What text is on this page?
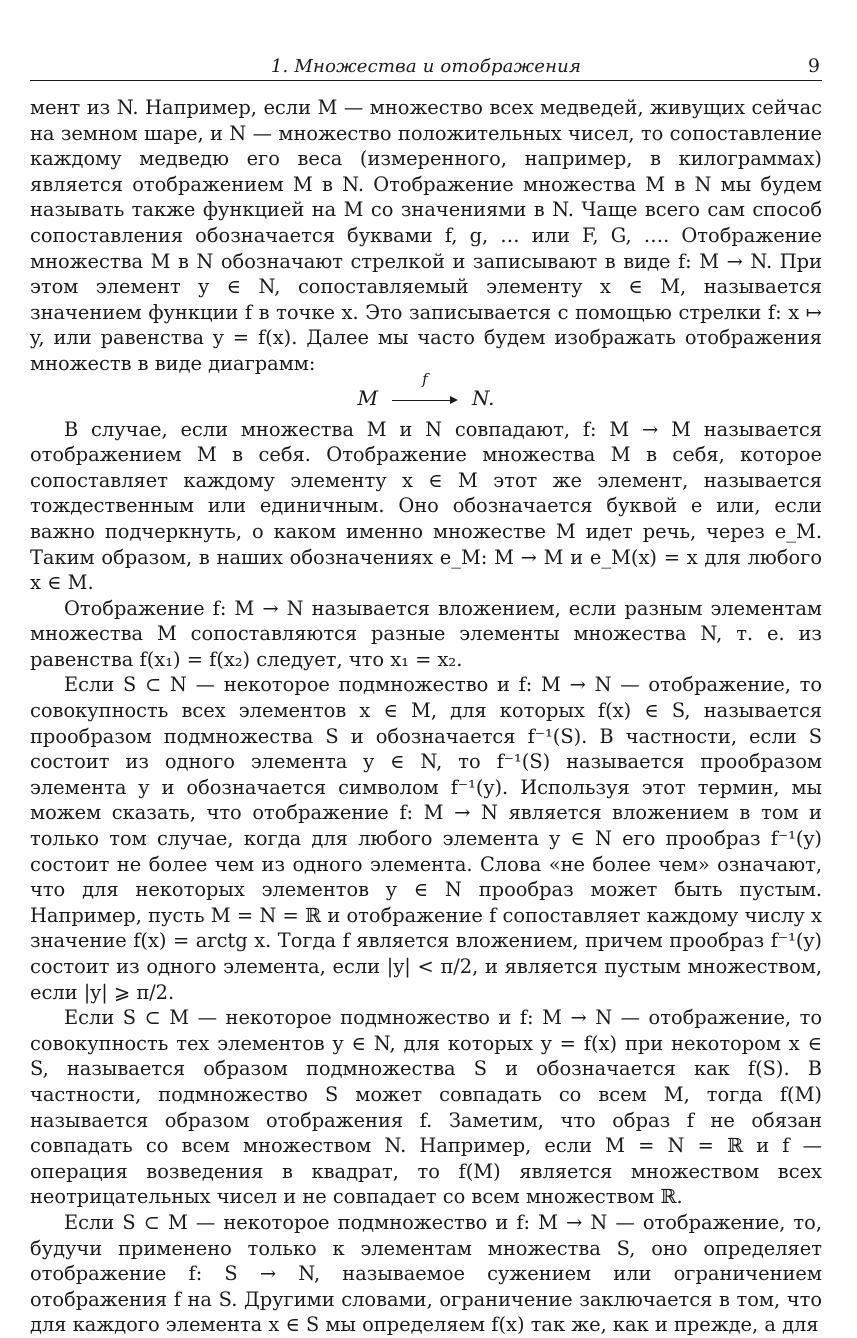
1. Множества и отображения	9

мент из N. Например, если M — множество всех медведей, живущих сейчас на земном шаре, и N — множество положительных чисел, то сопоставление каждому медведю его веса (измеренного, например, в килограммах) является отображением M в N. Отображение множества M в N мы будем называть также функцией на M со значениями в N. Чаще всего сам способ сопоставления обозначается буквами f, g, … или F, G, …. Отображение множества M в N обозначают стрелкой и записывают в виде f: M → N. При этом элемент y ∈ N, сопоставляемый элементу x ∈ M, называется значением функции f в точке x. Это записывается с помощью стрелки f: x ↦ y, или равенства y = f(x). Далее мы часто будем изображать отображения множеств в виде диаграмм:

M
f
N.

В случае, если множества M и N совпадают, f: M → M называется отображением M в себя. Отображение множества M в себя, которое сопоставляет каждому элементу x ∈ M этот же элемент, называется тождественным или единичным. Оно обозначается буквой e или, если важно подчеркнуть, о каком именно множестве M идет речь, через e_M. Таким образом, в наших обозначениях e_M: M → M и e_M(x) = x для любого x ∈ M.

Отображение f: M → N называется вложением, если разным элементам множества M сопоставляются разные элементы множества N, т. е. из равенства f(x₁) = f(x₂) следует, что x₁ = x₂.

Если S ⊂ N — некоторое подмножество и f: M → N — отображение, то совокупность всех элементов x ∈ M, для которых f(x) ∈ S, называется прообразом подмножества S и обозначается f⁻¹(S). В частности, если S состоит из одного элемента y ∈ N, то f⁻¹(S) называется прообразом элемента y и обозначается символом f⁻¹(y). Используя этот термин, мы можем сказать, что отображение f: M → N является вложением в том и только том случае, когда для любого элемента y ∈ N его прообраз f⁻¹(y) состоит не более чем из одного элемента. Слова «не более чем» означают, что для некоторых элементов y ∈ N прообраз может быть пустым. Например, пусть M = N = ℝ и отображение f сопоставляет каждому числу x значение f(x) = arctg x. Тогда f является вложением, причем прообраз f⁻¹(y) состоит из одного элемента, если |y| < π/2, и является пустым множеством, если |y| ⩾ π/2.

Если S ⊂ M — некоторое подмножество и f: M → N — отображение, то совокупность тех элементов y ∈ N, для которых y = f(x) при некотором x ∈ S, называется образом подмножества S и обозначается как f(S). В частности, подмножество S может совпадать со всем M, тогда f(M) называется образом отображения f. Заметим, что образ f не обязан совпадать со всем множеством N. Например, если M = N = ℝ и f — операция возведения в квадрат, то f(M) является множеством всех неотрицательных чисел и не совпадает со всем множеством ℝ.

Если S ⊂ M — некоторое подмножество и f: M → N — отображение, то, будучи применено только к элементам множества S, оно определяет отображение f: S → N, называемое сужением или ограничением отображения f на S. Другими словами, ограничение заключается в том, что для каждого элемента x ∈ S мы определяем f(x) так же, как и прежде, а для
